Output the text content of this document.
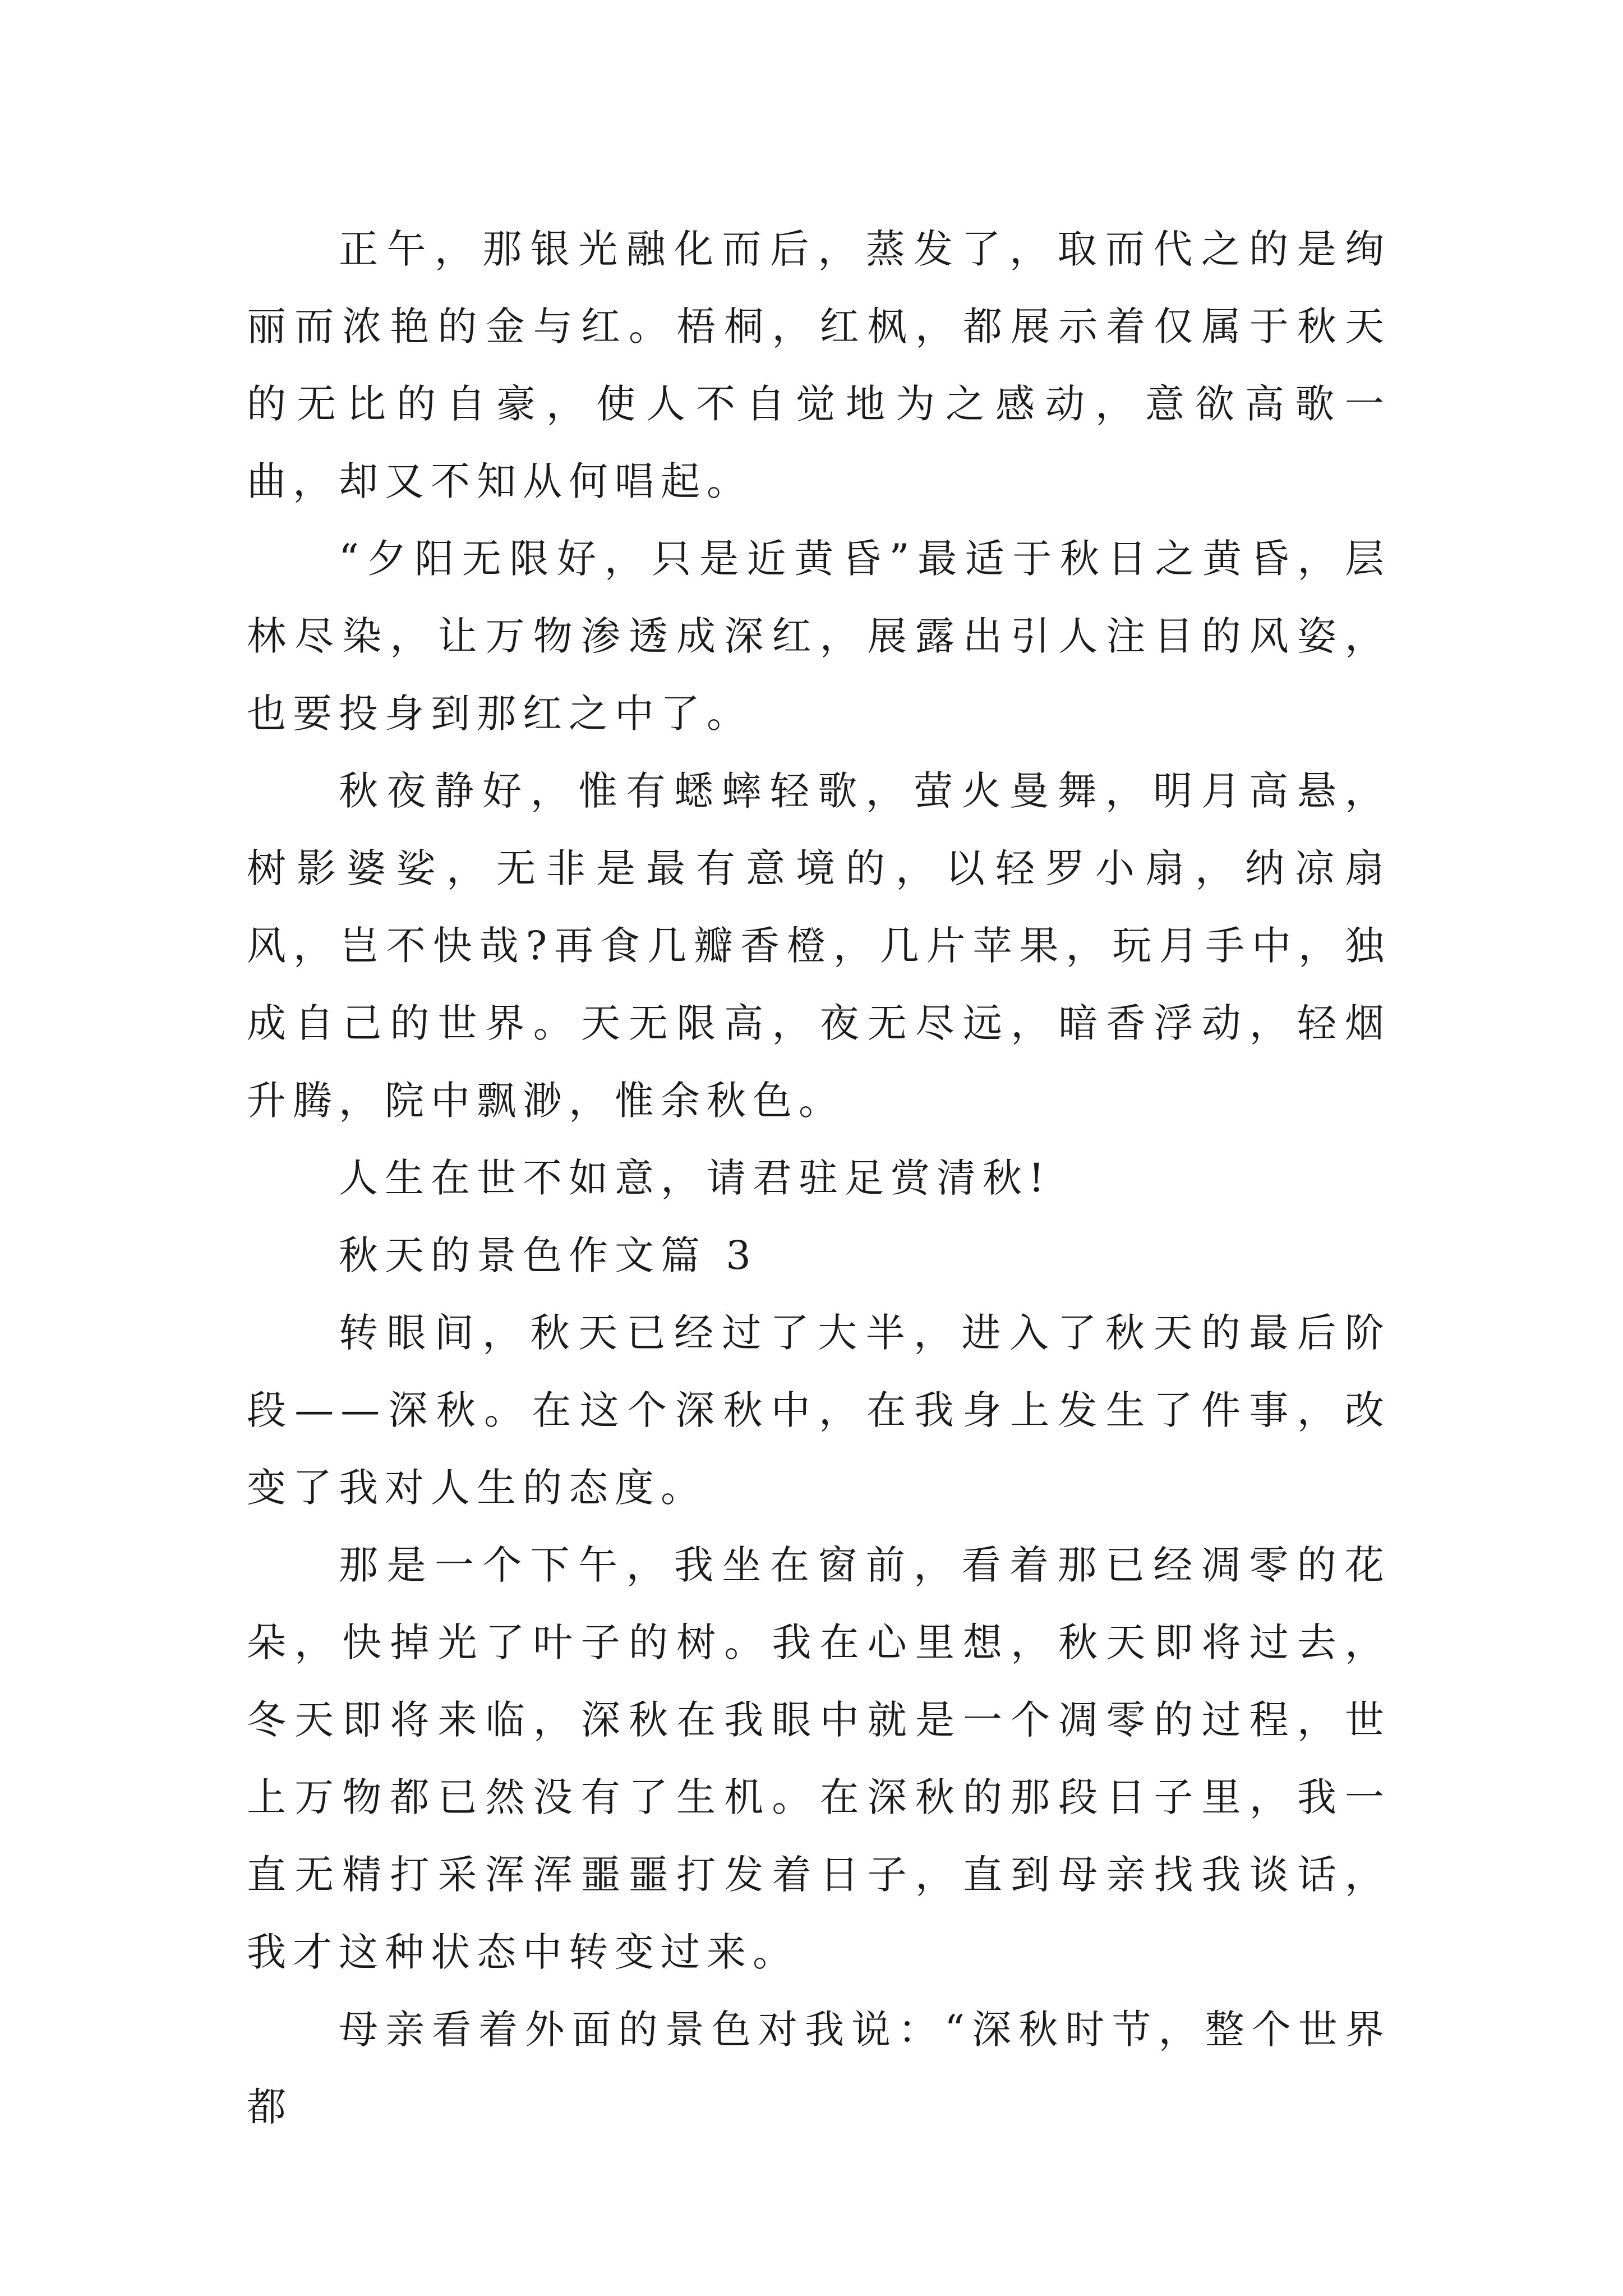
正午，那银光融化而后，蒸发了，取而代之的是绚丽而浓艳的金与红。梧桐，红枫，都展示着仅属于秋天的无比的自豪，使人不自觉地为之感动，意欲高歌一曲，却又不知从何唱起。

“夕阳无限好，只是近黄昏”最适于秋日之黄昏，层林尽染，让万物渗透成深红，展露出引人注目的风姿，也要投身到那红之中了。

秋夜静好，惟有蟋蟀轻歌，萤火曼舞，明月高悬，树影婆娑，无非是最有意境的，以轻罗小扇，纳凉扇风，岂不快哉?再食几瓣香橙，几片苹果，玩月手中，独成自己的世界。天无限高，夜无尽远，暗香浮动，轻烟升腾，院中飘渺，惟余秋色。

人生在世不如意，请君驻足赏清秋!

秋天的景色作文篇 3

转眼间，秋天已经过了大半，进入了秋天的最后阶段——深秋。在这个深秋中，在我身上发生了件事，改变了我对人生的态度。

那是一个下午，我坐在窗前，看着那已经凋零的花朵，快掉光了叶子的树。我在心里想，秋天即将过去，冬天即将来临，深秋在我眼中就是一个凋零的过程，世上万物都已然没有了生机。在深秋的那段日子里，我一直无精打采浑浑噩噩打发着日子，直到母亲找我谈话，我才这种状态中转变过来。

母亲看着外面的景色对我说：“深秋时节，整个世界都
